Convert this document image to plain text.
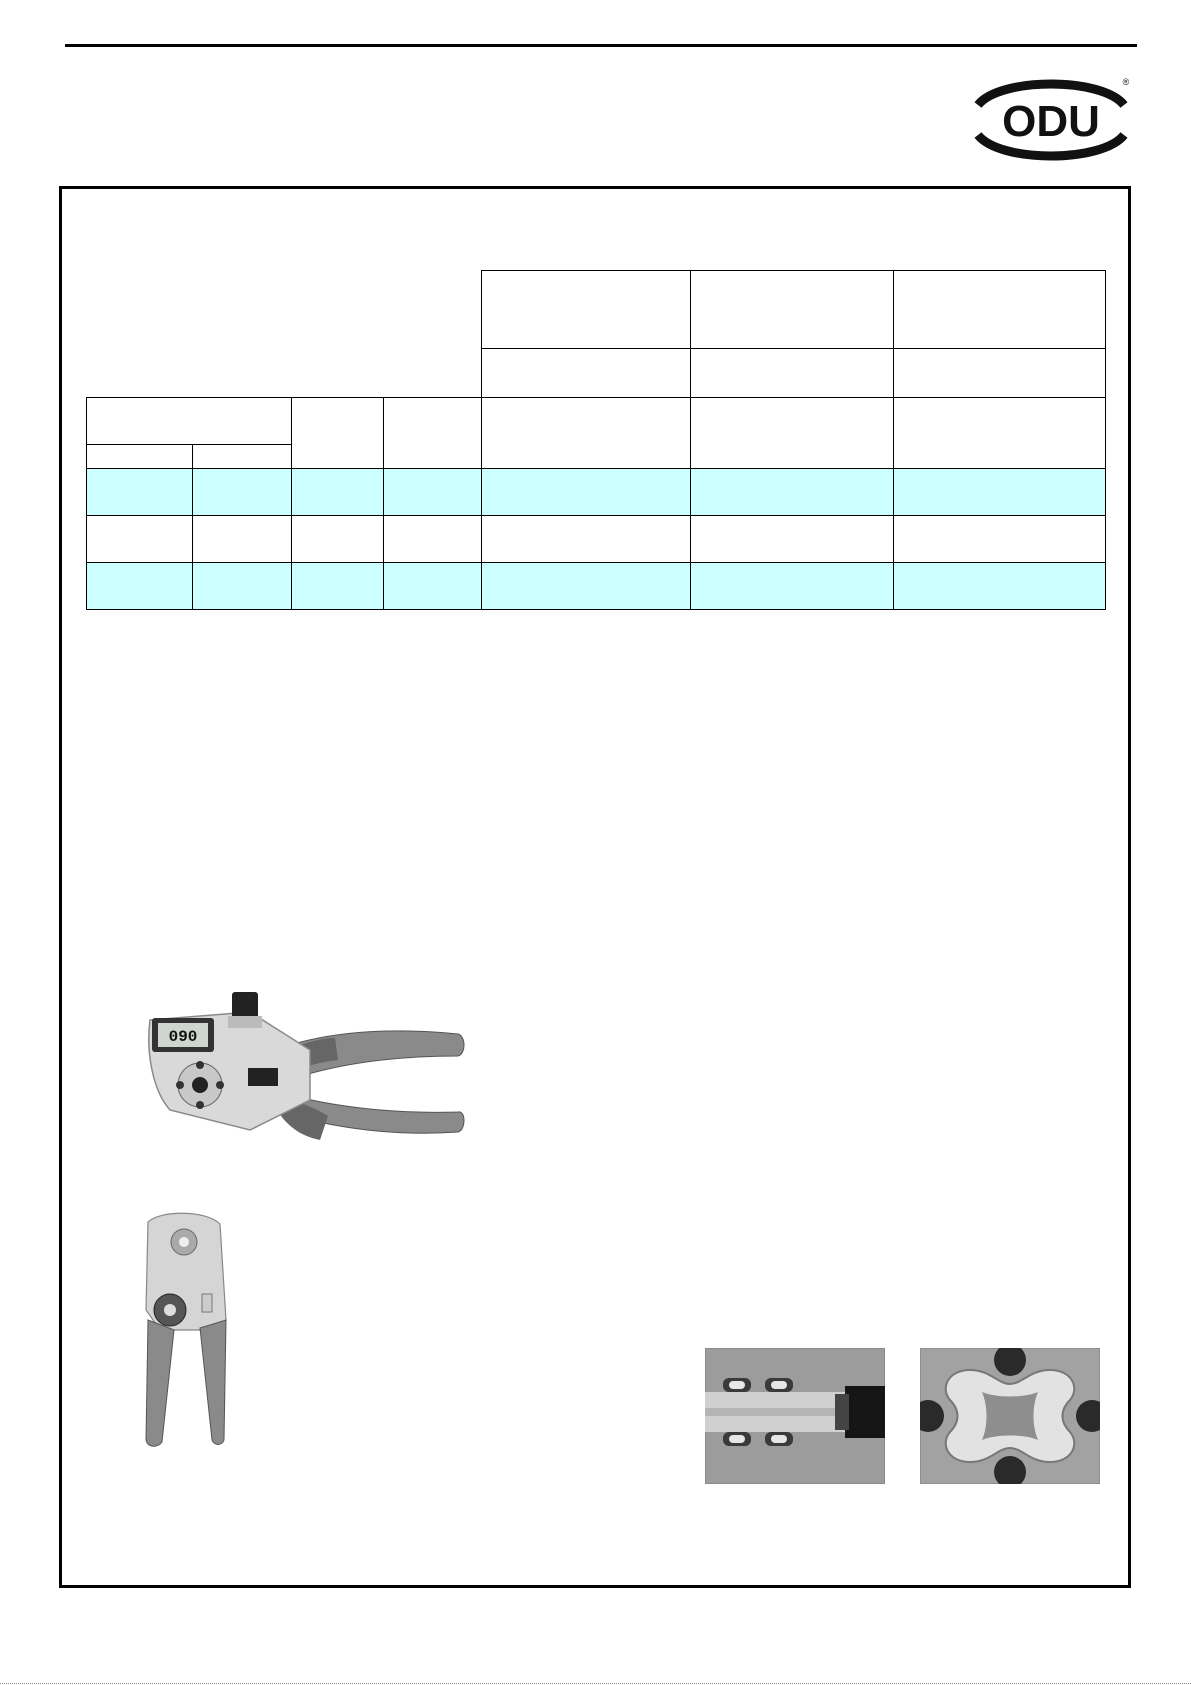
ODU
®
090
